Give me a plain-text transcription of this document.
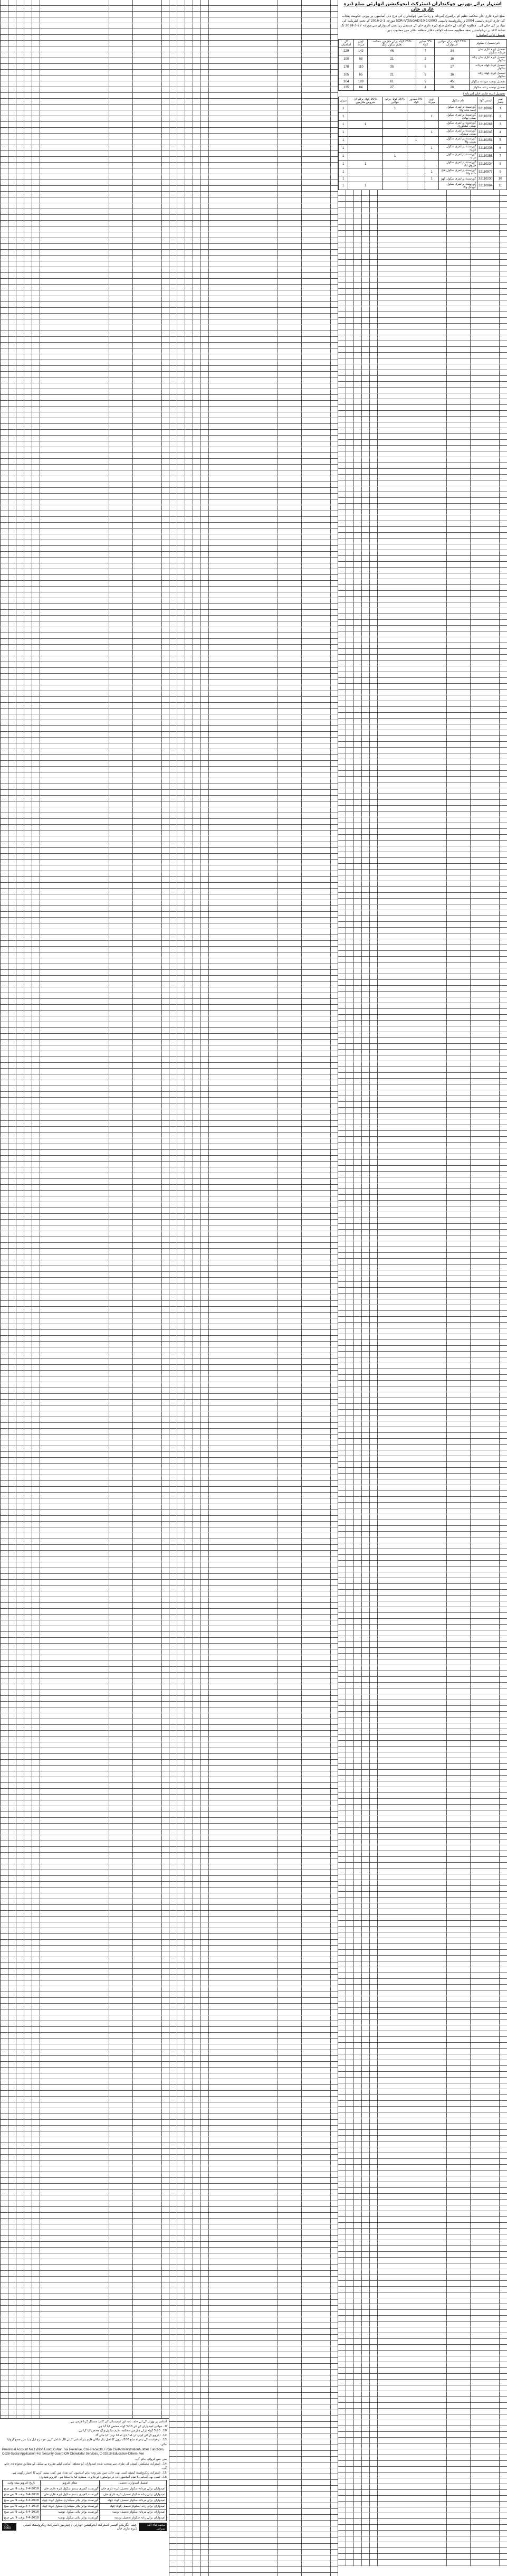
اشتہار برائے بھرتی چوکیداران ڈسٹرکٹ ایجوکیشن اتھارٹی ضلع ڈیرہ غازی خان
ضلع ڈیرہ غازی خان محکمہ تعلیم کے پرائمری (مردانہ و زنانہ) میں چوکیداران کی درج ذیل آسامیوں پر بھرتی حکومت پنجاب کی جاری کردہ پالیسی 2004 و ریکروٹمنٹ پالیسی SOR-IV(S&GAD)10-1/2003 مورخہ 1-2-2016 کے تحت کنٹریکٹ کی بنیاد پر کی جائے گی۔ مطلوبہ کوائف کے حامل ضلع ڈیرہ غازی خان کے مستقل رہائشی امیدواران سے مورخہ 27-3-2018 تک سادہ کاغذ پر درخواستیں بمعہ مطلوبہ مصدقہ کوائف دفاتر متعلقہ دفاتر میں مطلوب ہیں۔
تفصیل خالی آسامیاں:
نام تحصیل / سکولز	15% کوٹہ برائے خواتین امیدواران	3% معذور کوٹہ	20% کوٹہ برائے ملازمین محکمہ تعلیم سکول ونگ	اوپن میرٹ	کل آسامیاں
تحصیل ڈیرہ غازی خان مردانہ سکولز	34	7	46	142	229
تحصیل ڈیرہ غازی خان زنانہ سکولز	16	3	21	68	108
تحصیل کوٹ چھٹہ مردانہ سکولز	27	6	35	110	178
تحصیل کوٹ چھٹہ زنانہ سکولز	16	3	21	65	105
تحصیل تونسہ مردانہ سکولز	45	9	61	189	304
تحصیل تونسہ زنانہ سکولز	20	4	27	84	135
تحصیل ڈیرہ غازی خان (مردانہ)
نمبر شمار	ایمس کوڈ	نام سکول	اوپن میرٹ	3% معذور کوٹہ	15% کوٹہ برائے خواتین	20% کوٹہ برائے ان سروس ملازمین	میزان
1	32110987	گورنمنٹ پرائمری سکول احمد شاہ والا			1		1
2	32110235	گورنمنٹ پرائمری سکول بستی بھائی	1				1
3	32110261	گورنمنٹ پرائمری سکول بستی گشکوری				1	1
4	32110245	گورنمنٹ پرائمری سکول بستی مہتراں	1				1
5	32110251	گورنمنٹ پرائمری سکول بستی والا		1			1
6	32110236	گورنمنٹ پرائمری سکول ڈوریہ	1				1
7	32110255	گورنمنٹ پرائمری سکول درابہ			1		1
8	32110234	گورنمنٹ پرائمری سکول فاروق آباد				1	1
9	32110977	گورنمنٹ پرائمری سکول فتح شاہ والا	1				1
10	32110230	گورنمنٹ پرائمری سکول کھو	1				1
11	32110984	گورنمنٹ پرائمری سکول گوپانگ والا				1	1
آسامی پر بھرتی کے لئے حلف نامہ اور ڈومیسائل کی کاپی منسلک کرنا لازمی ہے۔
9۔ خواتین امیدواران کے لئے 15% کوٹہ مختص کیا گیا ہے۔
10۔ 20% کوٹہ برائے ملازمین محکمہ تعلیم سکول ونگ مختص کیا گیا ہے۔
12۔ انٹرویو کے لئے کوئی ٹی اے / ڈی اے ادا نہیں کیا جائے گا۔
13۔ درخواست کے ہمراہ مبلغ 100/- روپے کا اصل بنک چالان فارم ہر آسامی کیلئے الگ شامل کریں جو درج ذیل ہیڈ میں جمع کروایا جائے۔
Provincial Account No.1 (Non Food) C-Non Tax Revenue, Co2-Receipts, From CivilAdministration& other Functions, Co28-Social Application-For Security Guard OR Chowkidar Services, C-02818-Education-Others-Fee
میں جمع کروائی جائے گی۔
14۔ ڈسٹرکٹ سلیکشن کمیٹی کی طرف سے منتخب شدہ امیدواران کو متعلقہ آسامی کیلئے مقررہ پے سکیل کے مطابق تنخواہ دی جائے گی۔
15۔ ڈسٹرکٹ ریکروٹمنٹ کمیٹی کسی بھی حالت میں بغیر وجہ بتائے آسامیوں کی تعداد میں کمی بیشی کرنے کا اختیار رکھتی ہے۔
16۔ کسی بھی آسامی یا تمام آسامیوں کی درخواستوں کو بلا وجہ مسترد کیا جا سکتا ہے۔ انٹرویو شیڈول:
تفصیل امیدواران تحصیل	مقام انٹرویو	تاریخ انٹرویو بمعہ وقت
امیدواران برائے مردانہ سکولز تحصیل ڈیرہ غازی خان	گورنمنٹ کمپری ہنسو سکول ڈیرہ غازی خان	2-4-2018 بوقت 9 بجے صبح
امیدواران برائے زنانہ سکولز تحصیل ڈیرہ غازی خان	گورنمنٹ کمپری ہنسو سکول ڈیرہ غازی خان	3-4-2018 بوقت 9 بجے صبح
امیدواران برائے مردانہ سکولز تحصیل کوٹ چھٹہ	گورنمنٹ بوائز ہائر سیکنڈری سکول کوٹ چھٹہ	4-4-2018 بوقت 9 بجے صبح
امیدواران برائے زنانہ سکولز تحصیل کوٹ چھٹہ	گورنمنٹ بوائز ہائر سیکنڈری سکول کوٹ چھٹہ	5-4-2018 بوقت 9 بجے صبح
امیدواران برائے مردانہ سکولز تحصیل تونسہ	گورنمنٹ بوائز ہائی سکول تونسہ	6-4-2018 بوقت 9 بجے صبح
امیدواران برائے زنانہ سکولز تحصیل تونسہ	گورنمنٹ بوائز ہائی سکول تونسہ	7-4-2018 بوقت 9 بجے صبح
محمد ثناء اللہ سرانی
چیف ایگزیکٹو آفیسر ڈسٹرکٹ ایجوکیشن اتھارٹی / چیئرمین ڈسٹرکٹ ریکروٹمنٹ کمیٹی ڈیرہ غازی خان
IPL-3050
